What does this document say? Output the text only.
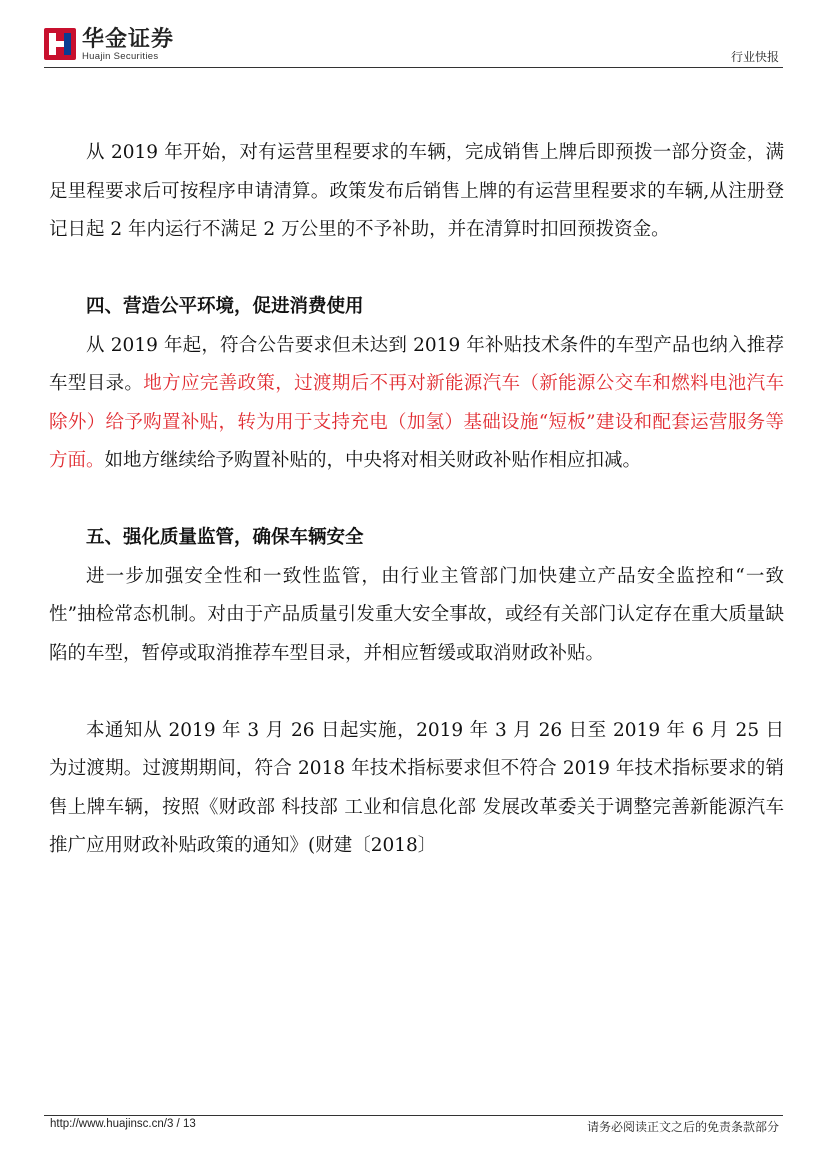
华金证券
Huajin Securities	行业快报

从 2019 年开始，对有运营里程要求的车辆，完成销售上牌后即预拨一部分资金，满足里程要求后可按程序申请清算。政策发布后销售上牌的有运营里程要求的车辆,从注册登记日起 2 年内运行不满足 2 万公里的不予补助，并在清算时扣回预拨资金。

四、营造公平环境，促进消费使用

从 2019 年起，符合公告要求但未达到 2019 年补贴技术条件的车型产品也纳入推荐车型目录。地方应完善政策，过渡期后不再对新能源汽车（新能源公交车和燃料电池汽车除外）给予购置补贴，转为用于支持充电（加氢）基础设施“短板”建设和配套运营服务等方面。如地方继续给予购置补贴的，中央将对相关财政补贴作相应扣减。

五、强化质量监管，确保车辆安全

进一步加强安全性和一致性监管，由行业主管部门加快建立产品安全监控和“一致性”抽检常态机制。对由于产品质量引发重大安全事故，或经有关部门认定存在重大质量缺陷的车型，暂停或取消推荐车型目录，并相应暂缓或取消财政补贴。

本通知从 2019 年 3 月 26 日起实施，2019 年 3 月 26 日至 2019 年 6 月 25 日为过渡期。过渡期期间，符合 2018 年技术指标要求但不符合 2019 年技术指标要求的销售上牌车辆，按照《财政部 科技部 工业和信息化部 发展改革委关于调整完善新能源汽车推广应用财政补贴政策的通知》(财建〔2018〕

http://www.huajinsc.cn/3 / 13	请务必阅读正文之后的免责条款部分
